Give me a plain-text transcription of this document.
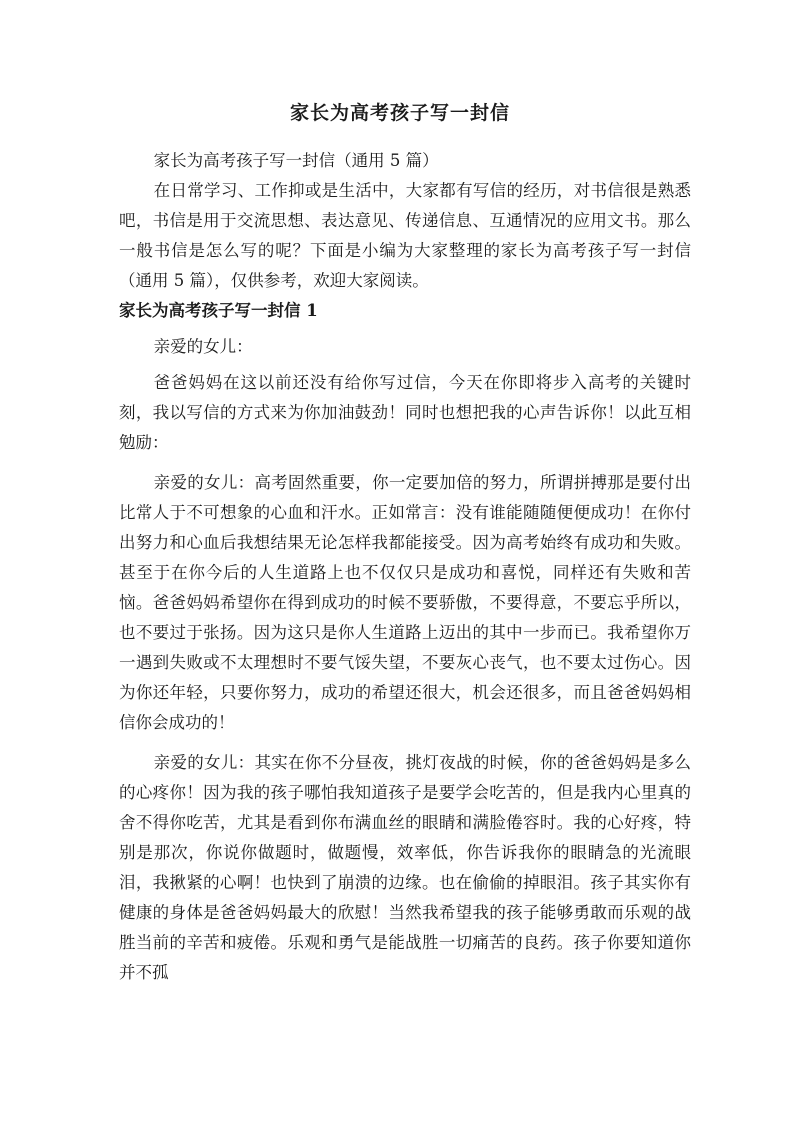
家长为高考孩子写一封信

家长为高考孩子写一封信（通用 5 篇）

在日常学习、工作抑或是生活中，大家都有写信的经历，对书信很是熟悉吧，书信是用于交流思想、表达意见、传递信息、互通情况的应用文书。那么一般书信是怎么写的呢？下面是小编为大家整理的家长为高考孩子写一封信（通用 5 篇），仅供参考，欢迎大家阅读。

家长为高考孩子写一封信 1

亲爱的女儿：

爸爸妈妈在这以前还没有给你写过信，今天在你即将步入高考的关键时刻，我以写信的方式来为你加油鼓劲！同时也想把我的心声告诉你！以此互相勉励：

亲爱的女儿：高考固然重要，你一定要加倍的努力，所谓拼搏那是要付出比常人于不可想象的心血和汗水。正如常言：没有谁能随随便便成功！在你付出努力和心血后我想结果无论怎样我都能接受。因为高考始终有成功和失败。甚至于在你今后的人生道路上也不仅仅只是成功和喜悦，同样还有失败和苦恼。爸爸妈妈希望你在得到成功的时候不要骄傲，不要得意，不要忘乎所以，也不要过于张扬。因为这只是你人生道路上迈出的其中一步而已。我希望你万一遇到失败或不太理想时不要气馁失望，不要灰心丧气，也不要太过伤心。因为你还年轻，只要你努力，成功的希望还很大，机会还很多，而且爸爸妈妈相信你会成功的！

亲爱的女儿：其实在你不分昼夜，挑灯夜战的时候，你的爸爸妈妈是多么的心疼你！因为我的孩子哪怕我知道孩子是要学会吃苦的，但是我内心里真的舍不得你吃苦，尤其是看到你布满血丝的眼睛和满脸倦容时。我的心好疼，特别是那次，你说你做题时，做题慢，效率低，你告诉我你的眼睛急的光流眼泪，我揪紧的心啊！也快到了崩溃的边缘。也在偷偷的掉眼泪。孩子其实你有健康的身体是爸爸妈妈最大的欣慰！当然我希望我的孩子能够勇敢而乐观的战胜当前的辛苦和疲倦。乐观和勇气是能战胜一切痛苦的良药。孩子你要知道你并不孤
